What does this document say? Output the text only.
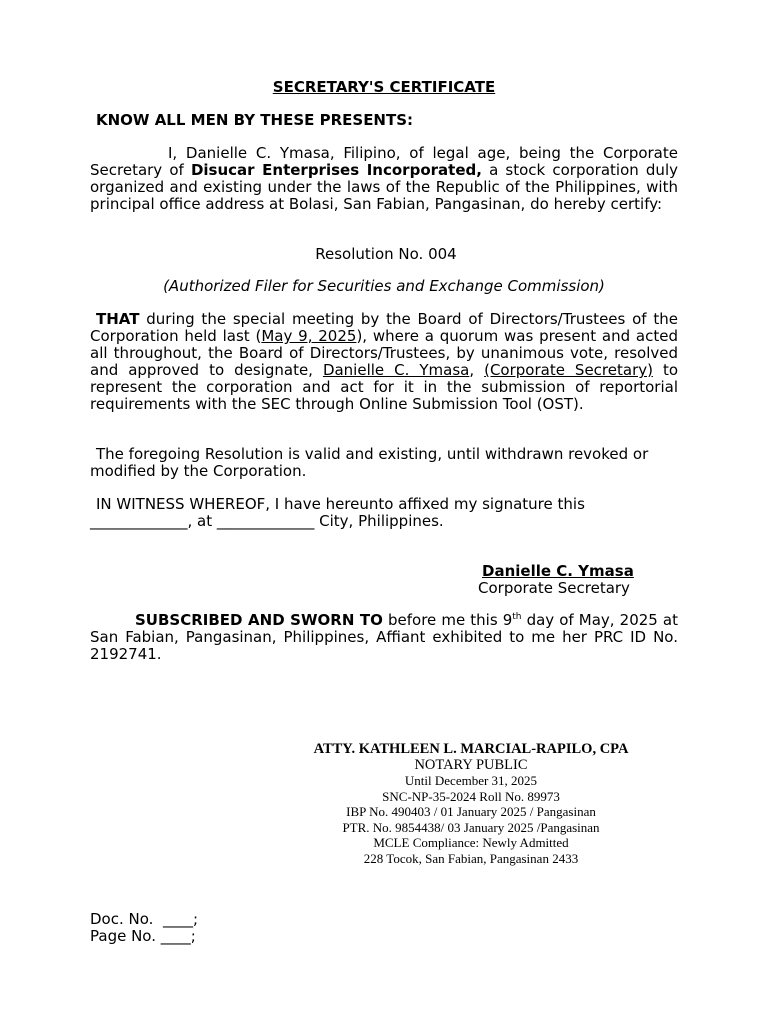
SECRETARY'S CERTIFICATE
KNOW ALL MEN BY THESE PRESENTS:
I, Danielle C. Ymasa, Filipino, of legal age, being the Corporate Secretary of Disucar Enterprises Incorporated, a stock corporation duly organized and existing under the laws of the Republic of the Philippines, with principal office address at Bolasi, San Fabian, Pangasinan, do hereby certify:
Resolution No. 004
(Authorized Filer for Securities and Exchange Commission)
THAT during the special meeting by the Board of Directors/Trustees of the Corporation held last (May 9, 2025), where a quorum was present and acted all throughout, the Board of Directors/Trustees, by unanimous vote, resolved and approved to designate, Danielle C. Ymasa, (Corporate Secretary) to represent the corporation and act for it in the submission of reportorial requirements with the SEC through Online Submission Tool (OST).
The foregoing Resolution is valid and existing, until withdrawn revoked or modified by the Corporation.
IN WITNESS WHEREOF, I have hereunto affixed my signature this
_____________, at _____________ City, Philippines.
Danielle C. Ymasa
Corporate Secretary
SUBSCRIBED AND SWORN TO before me this 9th day of May, 2025 at San Fabian, Pangasinan, Philippines, Affiant exhibited to me her PRC ID No. 2192741.
ATTY. KATHLEEN L. MARCIAL-RAPILO, CPA
NOTARY PUBLIC
Until December 31, 2025
SNC-NP-35-2024 Roll No. 89973
IBP No. 490403 / 01 January 2025 / Pangasinan
PTR. No. 9854438/ 03 January 2025 /Pangasinan
MCLE Compliance: Newly Admitted
228 Tocok, San Fabian, Pangasinan 2433
Doc. No.  ____;
Page No. ____;
